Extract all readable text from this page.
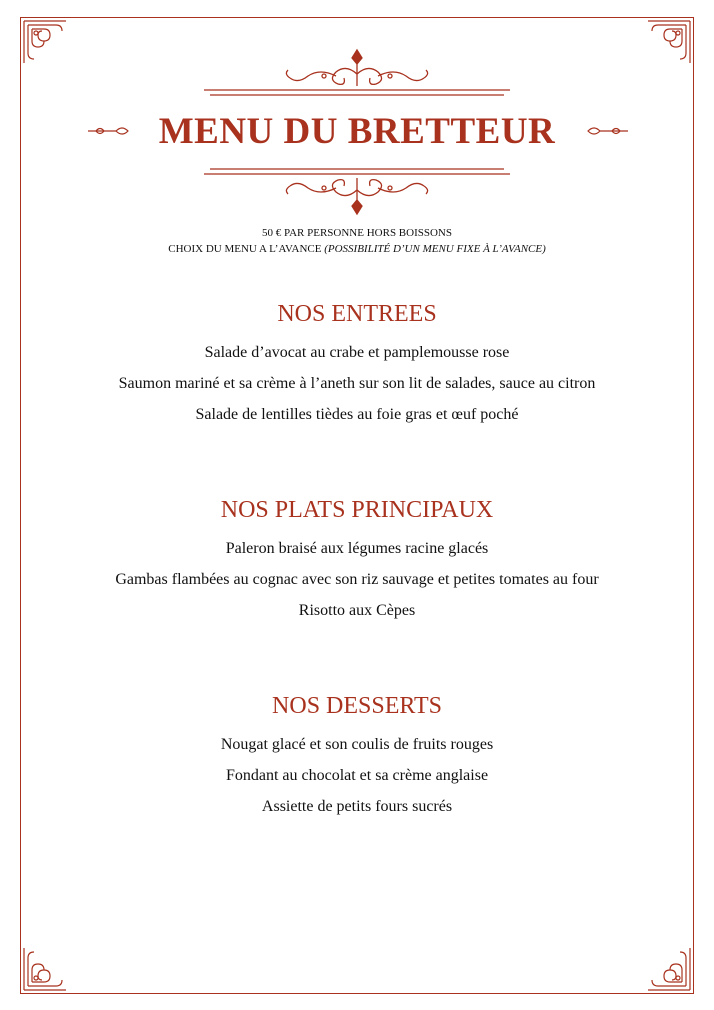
MENU DU BRETTEUR
50 € PAR PERSONNE HORS BOISSONS
CHOIX DU MENU A L’AVANCE (POSSIBILITÉ D’UN MENU FIXE À L’AVANCE)
NOS ENTREES
Salade d’avocat au crabe et pamplemousse rose
Saumon mariné et sa crème à l’aneth sur son lit de salades, sauce au citron
Salade de lentilles tièdes au foie gras et œuf poché
NOS PLATS PRINCIPAUX
Paleron braisé aux légumes racine glacés
Gambas flambées au cognac avec son riz sauvage et petites tomates au four
Risotto aux Cèpes
NOS DESSERTS
Nougat glacé et son coulis de fruits rouges
Fondant au chocolat et sa crème anglaise
Assiette de petits fours sucrés
